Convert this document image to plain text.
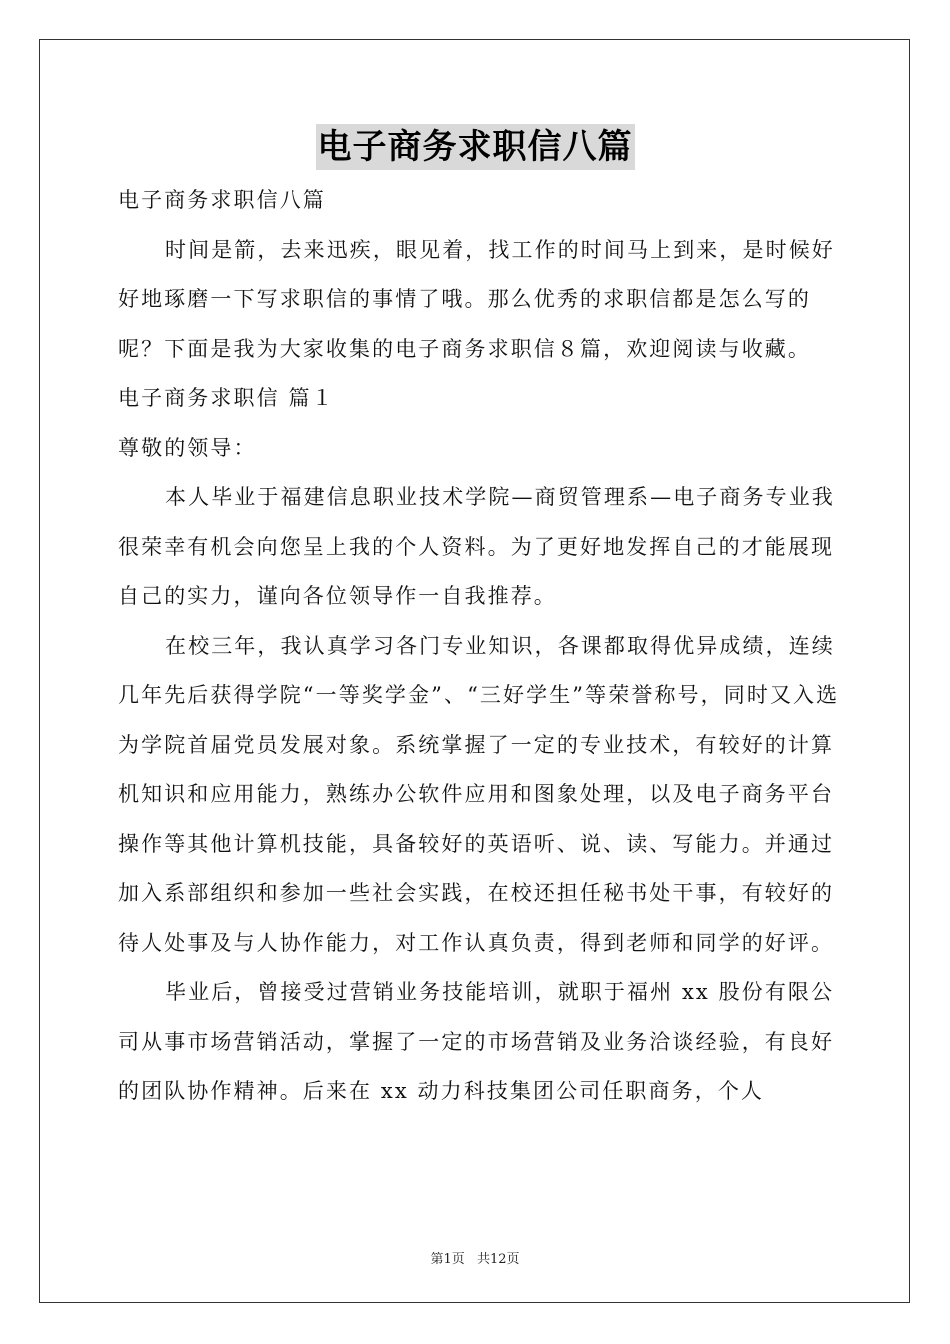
电子商务求职信八篇

电子商务求职信八篇

时间是箭，去来迅疾，眼见着，找工作的时间马上到来，是时候好好地琢磨一下写求职信的事情了哦。那么优秀的求职信都是怎么写的呢？下面是我为大家收集的电子商务求职信８篇，欢迎阅读与收藏。

电子商务求职信 篇１

尊敬的领导：

本人毕业于福建信息职业技术学院—商贸管理系—电子商务专业我很荣幸有机会向您呈上我的个人资料。为了更好地发挥自己的才能展现自己的实力，谨向各位领导作一自我推荐。

在校三年，我认真学习各门专业知识，各课都取得优异成绩，连续几年先后获得学院“一等奖学金”、“三好学生”等荣誉称号，同时又入选为学院首届党员发展对象。系统掌握了一定的专业技术，有较好的计算机知识和应用能力，熟练办公软件应用和图象处理，以及电子商务平台操作等其他计算机技能，具备较好的英语听、说、读、写能力。并通过加入系部组织和参加一些社会实践，在校还担任秘书处干事，有较好的待人处事及与人协作能力，对工作认真负责，得到老师和同学的好评。

毕业后，曾接受过营销业务技能培训，就职于福州 xx 股份有限公司从事市场营销活动，掌握了一定的市场营销及业务洽谈经验，有良好的团队协作精神。后来在 xx 动力科技集团公司任职商务，个人

第1页 共12页
